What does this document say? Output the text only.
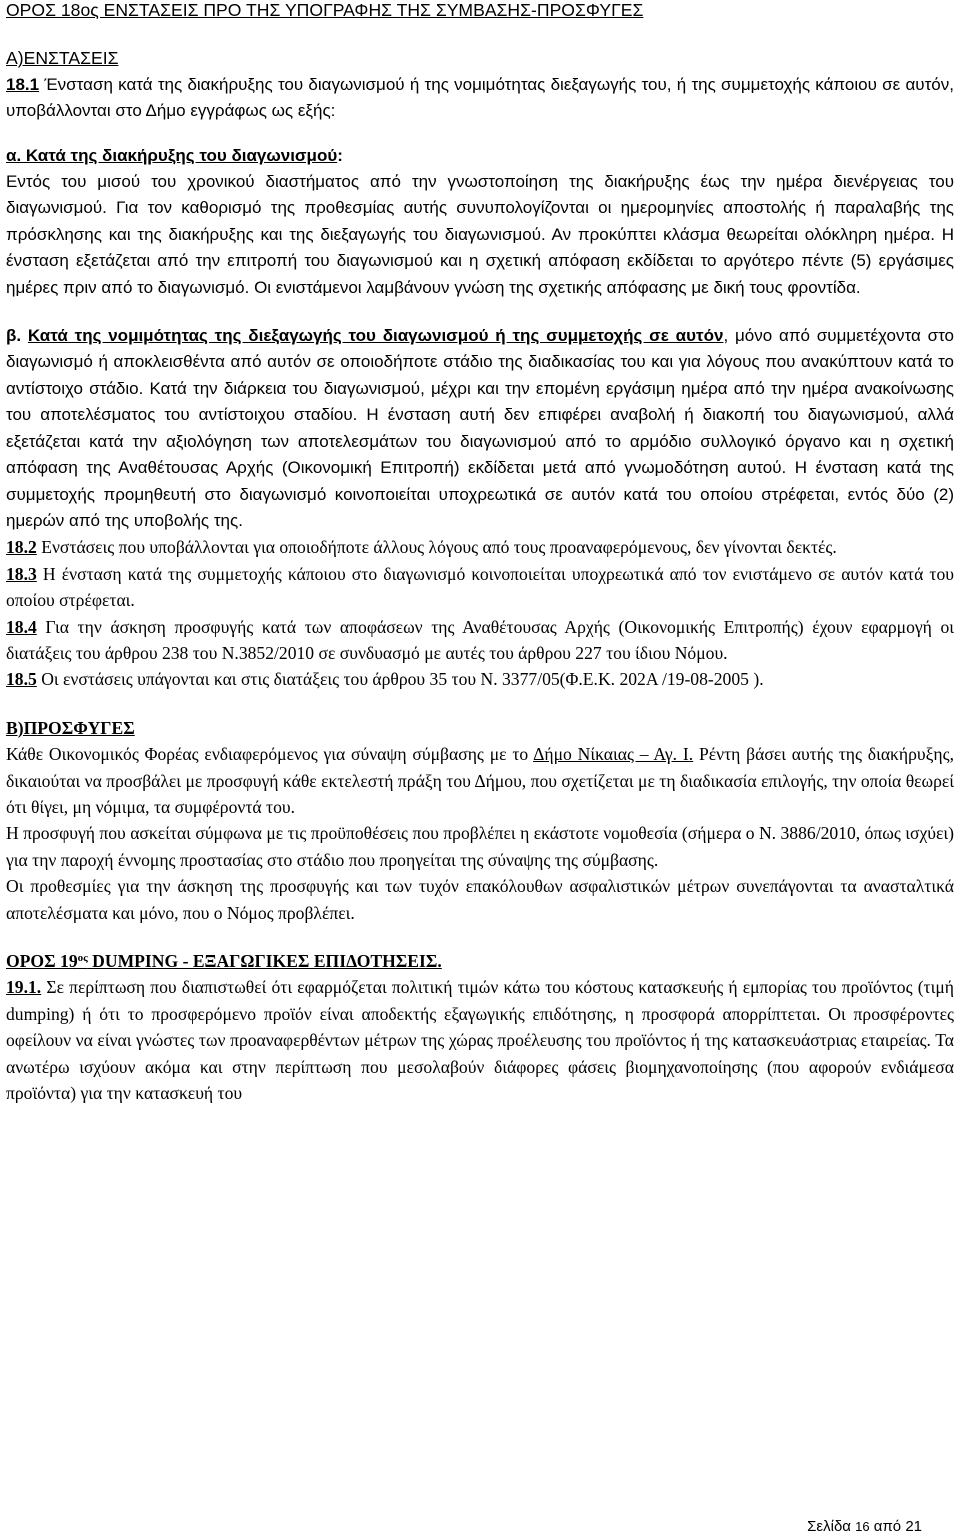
ΟΡΟΣ 18ος ΕΝΣΤΑΣΕΙΣ ΠΡΟ ΤΗΣ ΥΠΟΓΡΑΦΗΣ ΤΗΣ ΣΥΜΒΑΣΗΣ-ΠΡΟΣΦΥΓΕΣ

Α)ΕΝΣΤΑΣΕΙΣ

18.1 Ένσταση κατά της διακήρυξης του διαγωνισμού ή της νομιμότητας διεξαγωγής του, ή της συμμετοχής κάποιου σε αυτόν, υποβάλλονται στο Δήμο εγγράφως ως εξής:

α. Κατά της διακήρυξης του διαγωνισμού:

Εντός του μισού του χρονικού διαστήματος από την γνωστοποίηση της διακήρυξης έως την ημέρα διενέργειας του διαγωνισμού. Για τον καθορισμό της προθεσμίας αυτής συνυπολογίζονται οι ημερομηνίες αποστολής ή παραλαβής της πρόσκλησης και της διακήρυξης και της διεξαγωγής του διαγωνισμού. Αν προκύπτει κλάσμα θεωρείται ολόκληρη ημέρα. Η ένσταση εξετάζεται από την επιτροπή του διαγωνισμού και η σχετική απόφαση εκδίδεται το αργότερο πέντε (5) εργάσιμες ημέρες πριν από το διαγωνισμό. Οι ενιστάμενοι λαμβάνουν γνώση της σχετικής απόφασης με δική τους φροντίδα.

β. Κατά της νομιμότητας της διεξαγωγής του διαγωνισμού ή της συμμετοχής σε αυτόν, μόνο από συμμετέχοντα στο διαγωνισμό ή αποκλεισθέντα από αυτόν σε οποιοδήποτε στάδιο της διαδικασίας του και για λόγους που ανακύπτουν κατά το αντίστοιχο στάδιο. Κατά την διάρκεια του διαγωνισμού, μέχρι και την επομένη εργάσιμη ημέρα από την ημέρα ανακοίνωσης του αποτελέσματος του αντίστοιχου σταδίου. Η ένσταση αυτή δεν επιφέρει αναβολή ή διακοπή του διαγωνισμού, αλλά εξετάζεται κατά την αξιολόγηση των αποτελεσμάτων του διαγωνισμού από το αρμόδιο συλλογικό όργανο και η σχετική απόφαση της Αναθέτουσας Αρχής (Οικονομική Επιτροπή) εκδίδεται μετά από γνωμοδότηση αυτού. Η ένσταση κατά της συμμετοχής προμηθευτή στο διαγωνισμό κοινοποιείται υποχρεωτικά σε αυτόν κατά του οποίου στρέφεται, εντός δύο (2) ημερών από της υποβολής της.

18.2 Ενστάσεις που υποβάλλονται για οποιοδήποτε άλλους λόγους από τους προαναφερόμενους, δεν γίνονται δεκτές.

18.3 Η ένσταση κατά της συμμετοχής κάποιου στο διαγωνισμό κοινοποιείται υποχρεωτικά από τον ενιστάμενο σε αυτόν κατά του οποίου στρέφεται.

18.4 Για την άσκηση προσφυγής κατά των αποφάσεων της Αναθέτουσας Αρχής (Οικονομικής Επιτροπής) έχουν εφαρμογή οι διατάξεις του άρθρου 238 του Ν.3852/2010 σε συνδυασμό με αυτές του άρθρου 227 του ίδιου Νόμου.

18.5 Οι ενστάσεις υπάγονται και στις διατάξεις του άρθρου 35 του Ν. 3377/05(Φ.Ε.Κ. 202Α /19-08-2005 ).

Β)ΠΡΟΣΦΥΓΕΣ

Κάθε Οικονομικός Φορέας ενδιαφερόμενος για σύναψη σύμβασης με το Δήμο Νίκαιας – Αγ. Ι. Ρέντη βάσει αυτής της διακήρυξης, δικαιούται να προσβάλει με προσφυγή κάθε εκτελεστή πράξη του Δήμου, που σχετίζεται με τη διαδικασία επιλογής, την οποία θεωρεί ότι θίγει, μη νόμιμα, τα συμφέροντά του.

Η προσφυγή που ασκείται σύμφωνα με τις προϋποθέσεις που προβλέπει η εκάστοτε νομοθεσία (σήμερα ο Ν. 3886/2010, όπως ισχύει) για την παροχή έννομης προστασίας στο στάδιο που προηγείται της σύναψης της σύμβασης.

Οι προθεσμίες για την άσκηση της προσφυγής και των τυχόν επακόλουθων ασφαλιστικών μέτρων συνεπάγονται τα ανασταλτικά αποτελέσματα και μόνο, που ο Νόμος προβλέπει.

ΟΡΟΣ $19^{o\varsigma}$ DUMPING - ΕΞΑΓΩΓΙΚΕΣ ΕΠΙΔΟΤΗΣΕΙΣ.

19.1. Σε περίπτωση που διαπιστωθεί ότι εφαρμόζεται πολιτική τιμών κάτω του κόστους κατασκευής ή εμπορίας του προϊόντος (τιμή dumping) ή ότι το προσφερόμενο προϊόν είναι αποδεκτής εξαγωγικής επιδότησης, η προσφορά απορρίπτεται. Οι προσφέροντες οφείλουν να είναι γνώστες των προαναφερθέντων μέτρων της χώρας προέλευσης του προϊόντος ή της κατασκευάστριας εταιρείας. Τα ανωτέρω ισχύουν ακόμα και στην περίπτωση που μεσολαβούν διάφορες φάσεις βιομηχανοποίησης (που αφορούν ενδιάμεσα προϊόντα) για την κατασκευή του

Σελίδα 16 από 21
